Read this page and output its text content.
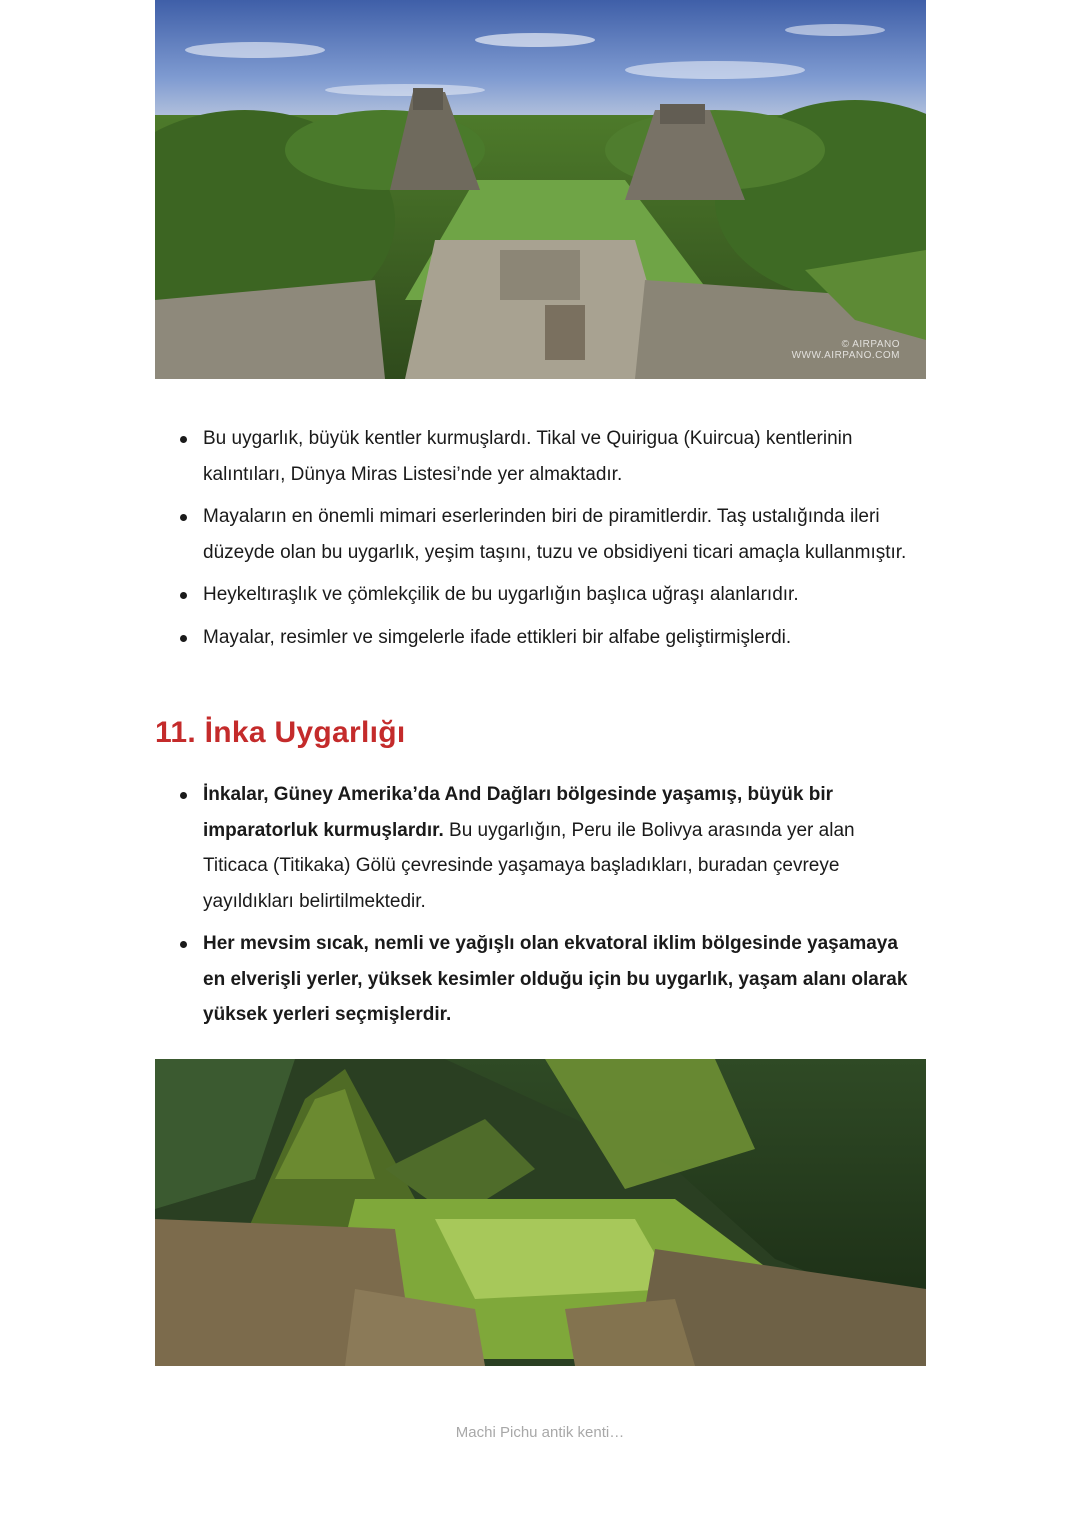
© AIRPANO
WWW.AIRPANO.COM
Bu uygarlık, büyük kentler kurmuşlardı. Tikal ve Quirigua (Kuircua) kentlerinin kalıntıları, Dünya Miras Listesi’nde yer almaktadır.
Mayaların en önemli mimari eserlerinden biri de piramitlerdir. Taş ustalığında ileri düzeyde olan bu uygarlık, yeşim taşını, tuzu ve obsidiyeni ticari amaçla kullanmıştır.
Heykeltıraşlık ve çömlekçilik de bu uygarlığın başlıca uğraşı alanlarıdır.
Mayalar, resimler ve simgelerle ifade ettikleri bir alfabe geliştirmişlerdi.
11. İnka Uygarlığı
İnkalar, Güney Amerika’da And Dağları bölgesinde yaşamış, büyük bir imparatorluk kurmuşlardır. Bu uygarlığın, Peru ile Bolivya arasında yer alan Titicaca (Titikaka) Gölü çevresinde yaşamaya başladıkları, buradan çevreye yayıldıkları belirtilmektedir.
Her mevsim sıcak, nemli ve yağışlı olan ekvatoral iklim bölgesinde yaşamaya en elverişli yerler, yüksek kesimler olduğu için bu uygarlık, yaşam alanı olarak yüksek yerleri seçmişlerdir.
Machi Pichu antik kenti…
